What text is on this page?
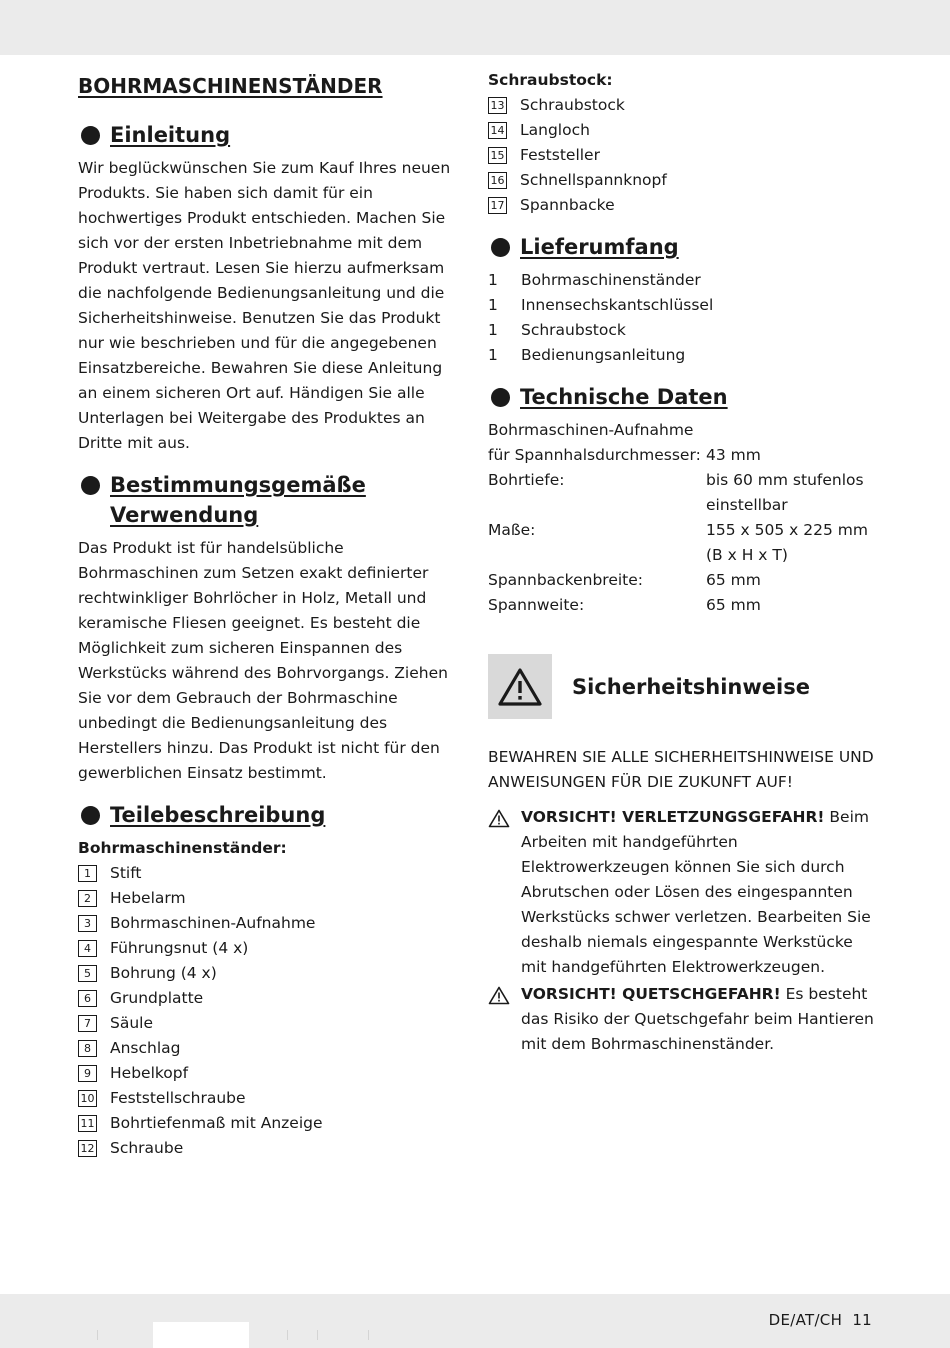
BOHRMASCHINENSTÄNDER
Einleitung

Wir beglückwünschen Sie zum Kauf Ihres neuen Produkts. Sie haben sich damit für ein hochwertiges Produkt entschieden. Machen Sie sich vor der ersten Inbetriebnahme mit dem Produkt vertraut. Lesen Sie hierzu aufmerksam die nachfolgende Bedienungsanleitung und die Sicherheitshinweise. Benutzen Sie das Produkt nur wie beschrieben und für die angegebenen Einsatzbereiche. Bewahren Sie diese Anleitung an einem sicheren Ort auf. Händigen Sie alle Unterlagen bei Weitergabe des Produktes an Dritte mit aus.

Bestimmungsgemäße
Verwendung

Das Produkt ist für handelsübliche Bohrmaschinen zum Setzen exakt definierter rechtwinkliger Bohrlöcher in Holz, Metall und keramische Fliesen geeignet. Es besteht die Möglichkeit zum sicheren Einspannen des Werkstücks während des Bohrvorgangs. Ziehen Sie vor dem Gebrauch der Bohrmaschine unbedingt die Bedienungsanleitung des Herstellers hinzu. Das Produkt ist nicht für den gewerblichen Einsatz bestimmt.

Teilebeschreibung
Bohrmaschinenständer:
1	Stift
2	Hebelarm
3	Bohrmaschinen-Aufnahme
4	Führungsnut (4 x)
5	Bohrung (4 x)
6	Grundplatte
7	Säule
8	Anschlag
9	Hebelkopf
10 Feststellschraube
11 Bohrtiefenmaß mit Anzeige
12 Schraube
Schraubstock:
13 Schraubstock
14 Langloch
15 Feststeller
16 Schnellspannknopf
17 Spannbacke
Lieferumfang
1	Bohrmaschinenständer
1	Innensechskantschlüssel
1	Schraubstock
1	Bedienungsanleitung
Technische Daten
Bohrmaschinen-Aufnahme
für Spannhalsdurchmesser:	43 mm
Bohrtiefe:	bis 60 mm stufenlos einstellbar
Maße:	155 x 505 x 225 mm (B x H x T)
Spannbackenbreite:	65 mm
Spannweite:	65 mm
Sicherheitshinweise

BEWAHREN SIE ALLE SICHERHEITSHINWEISE UND ANWEISUNGEN FÜR DIE ZUKUNFT AUF!

VORSICHT! VERLETZUNGSGEFAHR! Beim Arbeiten mit handgeführten Elektrowerkzeugen können Sie sich durch Abrutschen oder Lösen des eingespannten Werkstücks schwer verletzen. Bearbeiten Sie deshalb niemals eingespannte Werkstücke mit handgeführten Elektrowerkzeugen.
VORSICHT! QUETSCHGEFAHR! Es besteht das Risiko der Quetschgefahr beim Hantieren mit dem Bohrmaschinenständer.
DE/AT/CH 11
